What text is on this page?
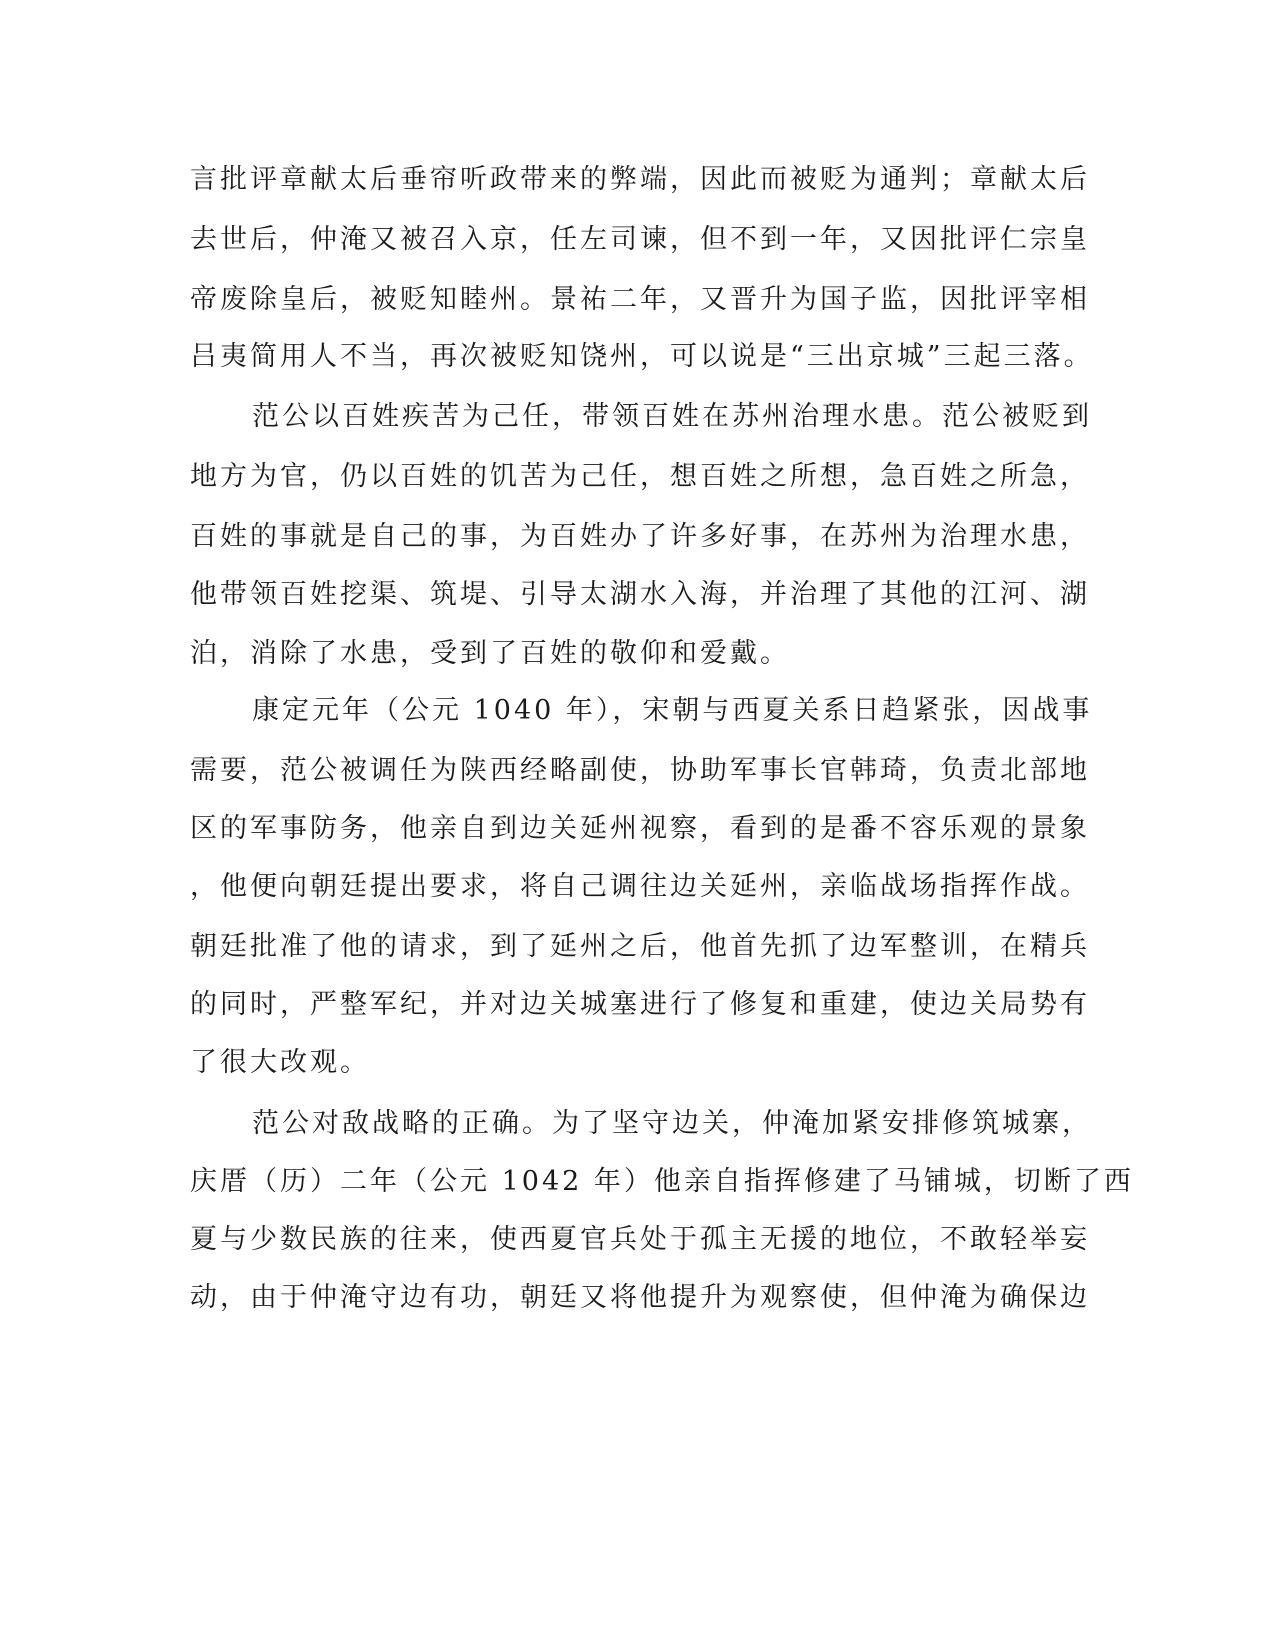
言批评章献太后垂帘听政带来的弊端，因此而被贬为通判；章献太后
去世后，仲淹又被召入京，任左司谏，但不到一年，又因批评仁宗皇
帝废除皇后，被贬知睦州。景祐二年，又晋升为国子监，因批评宰相
吕夷简用人不当，再次被贬知饶州，可以说是“三出京城”三起三落。
范公以百姓疾苦为己任，带领百姓在苏州治理水患。范公被贬到
地方为官，仍以百姓的饥苦为己任，想百姓之所想，急百姓之所急，
百姓的事就是自己的事，为百姓办了许多好事，在苏州为治理水患，
他带领百姓挖渠、筑堤、引导太湖水入海，并治理了其他的江河、湖
泊，消除了水患，受到了百姓的敬仰和爱戴。
康定元年（公元 1040 年），宋朝与西夏关系日趋紧张，因战事
需要，范公被调任为陕西经略副使，协助军事长官韩琦，负责北部地
区的军事防务，他亲自到边关延州视察，看到的是番不容乐观的景象
，他便向朝廷提出要求，将自己调往边关延州，亲临战场指挥作战。
朝廷批准了他的请求，到了延州之后，他首先抓了边军整训，在精兵
的同时，严整军纪，并对边关城塞进行了修复和重建，使边关局势有
了很大改观。
范公对敌战略的正确。为了坚守边关，仲淹加紧安排修筑城寨，
庆厝（历）二年（公元 1042 年）他亲自指挥修建了马铺城，切断了西
夏与少数民族的往来，使西夏官兵处于孤主无援的地位，不敢轻举妄
动，由于仲淹守边有功，朝廷又将他提升为观察使，但仲淹为确保边
